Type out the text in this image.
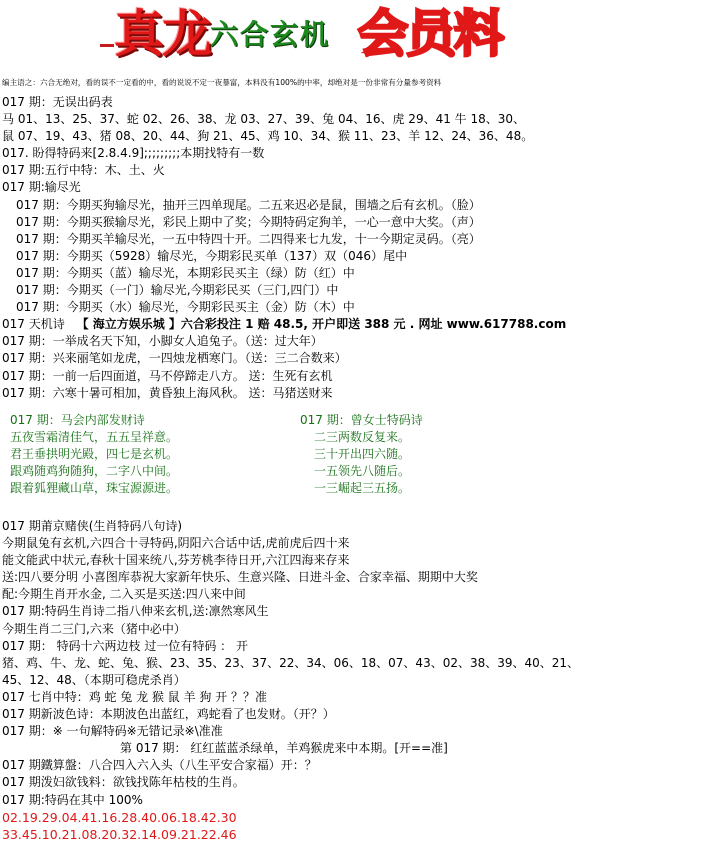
真龙 六合玄机 会员料
编主语之：六合无绝对，看的误不一定看的中，看的说说不定一夜暴富，本料没有100%的中率，却绝对是一份非常有分量参考资料
017 期：无误出码表
马 01、13、25、37、蛇 02、26、38、龙 03、27、39、兔 04、16、虎 29、41 牛 18、30、
鼠 07、19、43、猪 08、20、44、狗 21、45、鸡 10、34、猴 11、23、羊 12、24、36、48。
017. 盼得特码来[2.8.4.9];;;;;;;;;本期找特有一数
017 期:五行中特：木、土、火
017 期:输尽光
017 期：今期买狗输尽光，抽开三四单现尾。二五来迟必是鼠，围墙之后有玄机。（脸）
017 期：今期买猴输尽光，彩民上期中了奖；今期特码定狗羊，一心一意中大奖。（声）
017 期：今期买羊输尽光，一五中特四十开。二四得来七九发，十一今期定灵码。（亮）
017 期：今期买（5928）输尽光，今期彩民买单（137）双（046）尾中
017 期：今期买（蓝）输尽光，本期彩民买主（绿）防（红）中
017 期：今期买（一门）输尽光,今期彩民买（三门,四门）中
017 期：今期买（水）输尽光，今期彩民买主（金）防（木）中
017 天机诗 【 海立方娱乐城 】六合彩投注 1 赔 48.5, 开户即送 388 元 . 网址 www.617788.com
017 期：一举成名天下知，小脚女人追兔子。（送：过大年）
017 期：兴来丽笔如龙虎，一四烛龙栖寒门。（送：三二合数来）
017 期：一前一后四面道，马不停蹄走八方。 送：生死有玄机
017 期：六寒十暑可相加，黄昏独上海风秋。 送：马猪送财来
017 期：马会内部发财诗
五夜雪霜清佳气，五五呈祥意。
君王垂拱明光殿，四七是玄机。
跟鸡随鸡狗随狗，二字八中间。
跟着狐狸藏山草，珠宝源源进。
017 期：曾女士特码诗
二三两数反复来。
三十开出四六随。
一五领先八随后。
一三崛起三五扬。
017 期莆京赌侠(生肖特码八句诗)
今期鼠兔有玄机,六四合十寻特码,阴阳六合话中话,虎前虎后四十来
能文能武中状元,春秋十国来统八,芬芳桃李待日开,六江四海来存来
送:四八要分明 小喜图库恭祝大家新年快乐、生意兴隆、日进斗金、合家幸福、期期中大奖
配:今期生肖开水金, 二入买是买送:四八来中间
017 期:特码生肖诗二指八伸来玄机,送:凛然寒风生
今期生肖二三门,六来（猪中必中）
017 期： 特码十六两边枝 过一位有特码 ： 开
猪、鸡、牛、龙、蛇、兔、猴、23、35、23、37、22、34、06、18、07、43、02、38、39、40、21、
45、12、48、（本期可稳虎杀肖）
017 七肖中特：鸡 蛇 兔 龙 猴 鼠 羊 狗 开 ？？准
017 期新波色诗：本期波色出蓝红，鸡蛇看了也发财。（开？）
017 期：※ 一句解特码※无错记录※\准准
第 017 期： 红红蓝蓝杀绿单，羊鸡猴虎来中本期。[开==准]
017 期鐵算盤：八合四入六入头（八生平安合家福）开：？
017 期泼妇欲钱料：欲钱找陈年枯枝的生肖。
017 期:特码在其中 100%
02.19.29.04.41.16.28.40.06.18.42.30
33.45.10.21.08.20.32.14.09.21.22.46
